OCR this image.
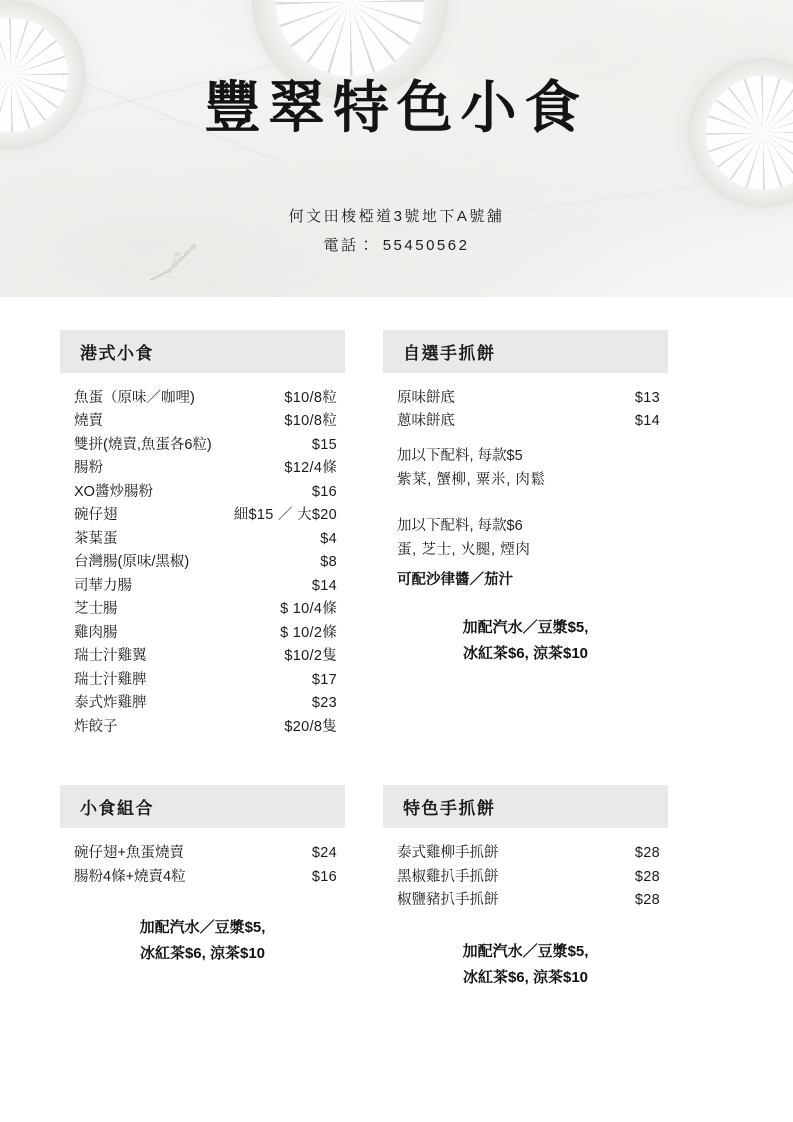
豐翠特色小食

何文田梭椏道3號地下A號舖

電話： 55450562

港式小食
魚蛋（原味／咖哩)	$10/8粒
燒賣	$10/8粒
雙拼(燒賣,魚蛋各6粒)	$15
腸粉	$12/4條
XO醬炒腸粉	$16
碗仔翅	細$15 ／ 大$20
茶葉蛋	$4
台灣腸(原味/黑椒)	$8
司華力腸	$14
芝士腸	$ 10/4條
雞肉腸	$ 10/2條
瑞士汁雞翼	$10/2隻
瑞士汁雞脾	$17
泰式炸雞脾	$23
炸餃子	$20/8隻
自選手抓餅
原味餅底	$13
蔥味餅底	$14

加以下配料, 每款$5

紫菜, 蟹柳, 粟米, 肉鬆

加以下配料, 每款$6

蛋, 芝士, 火腿, 煙肉

可配沙律醬／茄汁
加配汽水／豆漿$5,
冰紅茶$6, 涼茶$10
小食組合
碗仔翅+魚蛋燒賣	$24
腸粉4條+燒賣4粒	$16
加配汽水／豆漿$5,
冰紅茶$6, 涼茶$10
特色手抓餅
泰式雞柳手抓餅	$28
黑椒雞扒手抓餅	$28
椒鹽豬扒手抓餅	$28
加配汽水／豆漿$5,
冰紅茶$6, 涼茶$10
